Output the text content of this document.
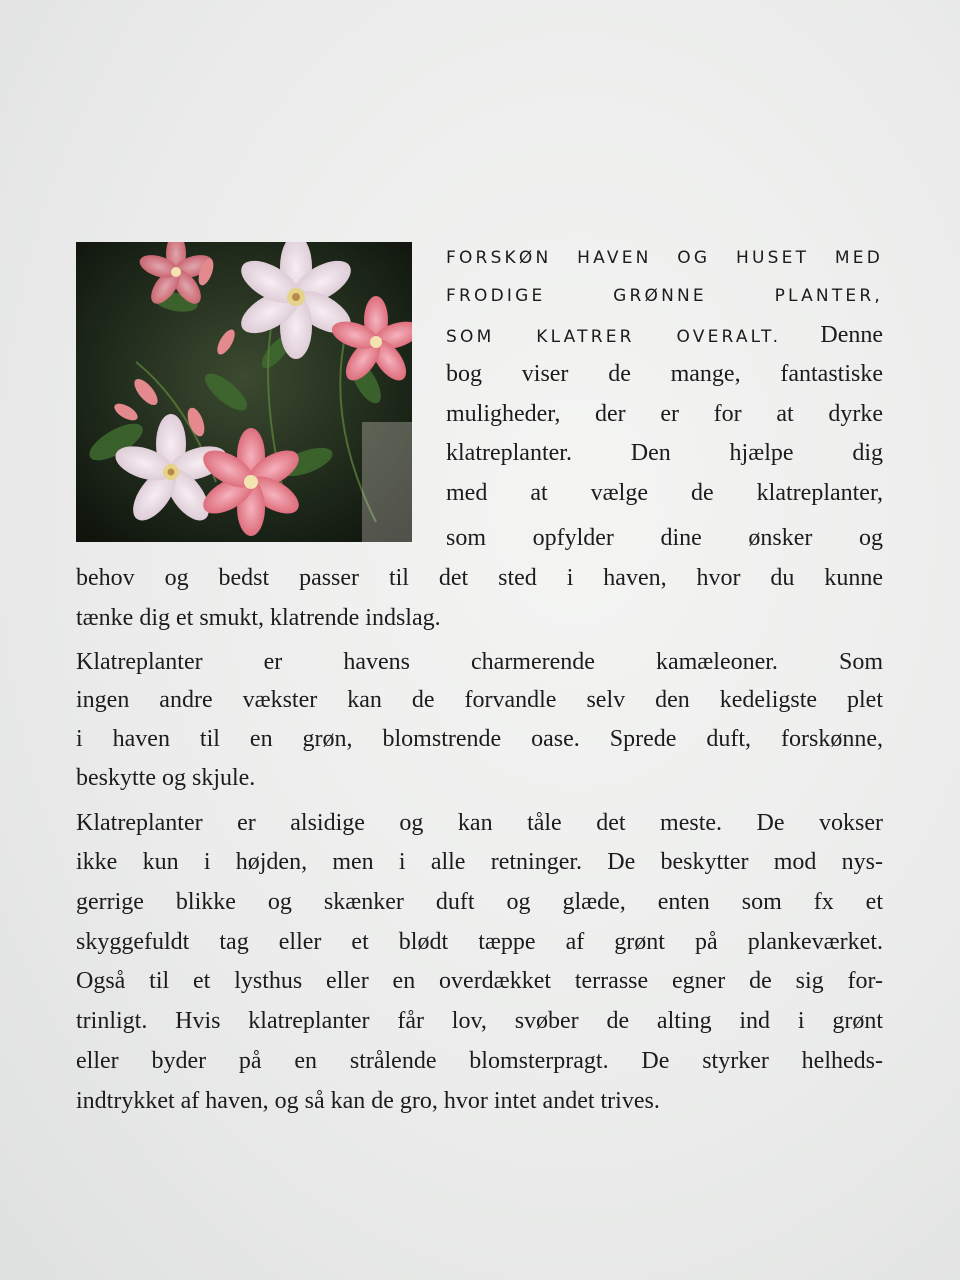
FORSKØN HAVEN OG HUSET MED
FRODIGE GRØNNE PLANTER,
SOM KLATRER OVERALT. Denne
bog viser de mange, fantastiske
muligheder, der er for at dyrke
klatreplanter. Den hjælpe dig
med at vælge de klatreplanter,
som opfylder dine ønsker og
behov og bedst passer til det sted i haven, hvor du kunne
tænke dig et smukt, klatrende indslag.
Klatreplanter er havens charmerende kamæleoner. Som
ingen andre vækster kan de forvandle selv den kedeligste plet
i haven til en grøn, blomstrende oase. Sprede duft, forskønne,
beskytte og skjule.
Klatreplanter er alsidige og kan tåle det meste. De vokser
ikke kun i højden, men i alle retninger. De beskytter mod nys-
gerrige blikke og skænker duft og glæde, enten som fx et
skyggefuldt tag eller et blødt tæppe af grønt på plankeværket.
Også til et lysthus eller en overdækket terrasse egner de sig for-
trinligt. Hvis klatreplanter får lov, svøber de alting ind i grønt
eller byder på en strålende blomsterpragt. De styrker helheds-
indtrykket af haven, og så kan de gro, hvor intet andet trives.
